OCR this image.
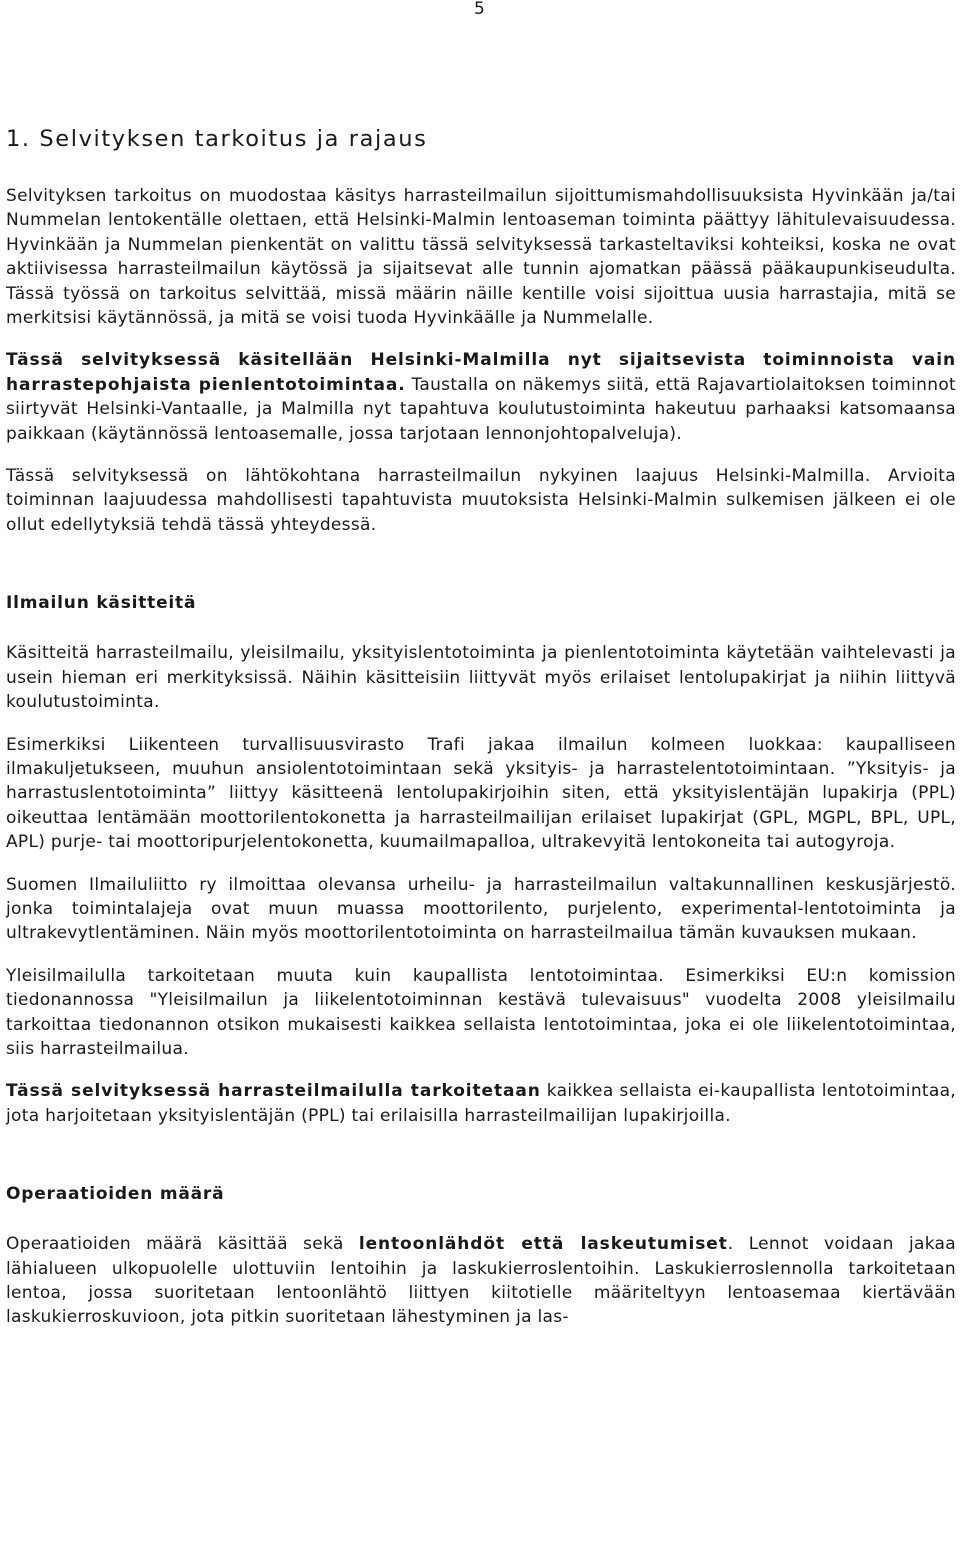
5
1. Selvityksen tarkoitus ja rajaus

Selvityksen tarkoitus on muodostaa käsitys harrasteilmailun sijoittumismahdollisuuksista Hyvinkään ja/tai Nummelan lentokentälle olettaen, että Helsinki-Malmin lentoaseman toiminta päättyy lähitulevaisuudessa. Hyvinkään ja Nummelan pienkentät on valittu tässä selvityksessä tarkasteltaviksi kohteiksi, koska ne ovat aktiivisessa harrasteilmailun käytössä ja sijaitsevat alle tunnin ajomatkan päässä pääkaupunkiseudulta. Tässä työssä on tarkoitus selvittää, missä määrin näille kentille voisi sijoittua uusia harrastajia, mitä se merkitsisi käytännössä, ja mitä se voisi tuoda Hyvinkäälle ja Nummelalle.

Tässä selvityksessä käsitellään Helsinki-Malmilla nyt sijaitsevista toiminnoista vain harrastepohjaista pienlentotoimintaa. Taustalla on näkemys siitä, että Rajavartiolaitoksen toiminnot siirtyvät Helsinki-Vantaalle, ja Malmilla nyt tapahtuva koulutustoiminta hakeutuu parhaaksi katsomaansa paikkaan (käytännössä lentoasemalle, jossa tarjotaan lennonjohtopalveluja).

Tässä selvityksessä on lähtökohtana harrasteilmailun nykyinen laajuus Helsinki-Malmilla. Arvioita toiminnan laajuudessa mahdollisesti tapahtuvista muutoksista Helsinki-Malmin sulkemisen jälkeen ei ole ollut edellytyksiä tehdä tässä yhteydessä.

Ilmailun käsitteitä

Käsitteitä harrasteilmailu, yleisilmailu, yksityislentotoiminta ja pienlentotoiminta käytetään vaihtelevasti ja usein hieman eri merkityksissä. Näihin käsitteisiin liittyvät myös erilaiset lentolupakirjat ja niihin liittyvä koulutustoiminta.

Esimerkiksi Liikenteen turvallisuusvirasto Trafi jakaa ilmailun kolmeen luokkaa: kaupalliseen ilmakuljetukseen, muuhun ansiolentotoimintaan sekä yksityis- ja harrastelentotoimintaan. ”Yksityis- ja harrastuslentotoiminta” liittyy käsitteenä lentolupakirjoihin siten, että yksityislentäjän lupakirja (PPL) oikeuttaa lentämään moottorilentokonetta ja harrasteilmailijan erilaiset lupakirjat (GPL, MGPL, BPL, UPL, APL) purje- tai moottoripurjelentokonetta, kuumailmapalloa, ultrakevyitä lentokoneita tai autogyroja.

Suomen Ilmailuliitto ry ilmoittaa olevansa urheilu- ja harrasteilmailun valtakunnallinen keskusjärjestö. jonka toimintalajeja ovat muun muassa moottorilento, purjelento, experimental-lentotoiminta ja ultrakevytlentäminen. Näin myös moottorilentotoiminta on harrasteilmailua tämän kuvauksen mukaan.

Yleisilmailulla tarkoitetaan muuta kuin kaupallista lentotoimintaa. Esimerkiksi EU:n komission tiedonannossa "Yleisilmailun ja liikelentotoiminnan kestävä tulevaisuus" vuodelta 2008 yleisilmailu tarkoittaa tiedonannon otsikon mukaisesti kaikkea sellaista lentotoimintaa, joka ei ole liikelentotoimintaa, siis harrasteilmailua.

Tässä selvityksessä harrasteilmailulla tarkoitetaan kaikkea sellaista ei-kaupallista lentotoimintaa, jota harjoitetaan yksityislentäjän (PPL) tai erilaisilla harrasteilmailijan lupakirjoilla.

Operaatioiden määrä

Operaatioiden määrä käsittää sekä lentoonlähdöt että laskeutumiset. Lennot voidaan jakaa lähialueen ulkopuolelle ulottuviin lentoihin ja laskukierroslentoihin. Laskukierroslennolla tarkoitetaan lentoa, jossa suoritetaan lentoonlähtö liittyen kiitotielle määriteltyyn lentoasemaa kiertävään laskukierroskuvioon, jota pitkin suoritetaan lähestyminen ja las-
